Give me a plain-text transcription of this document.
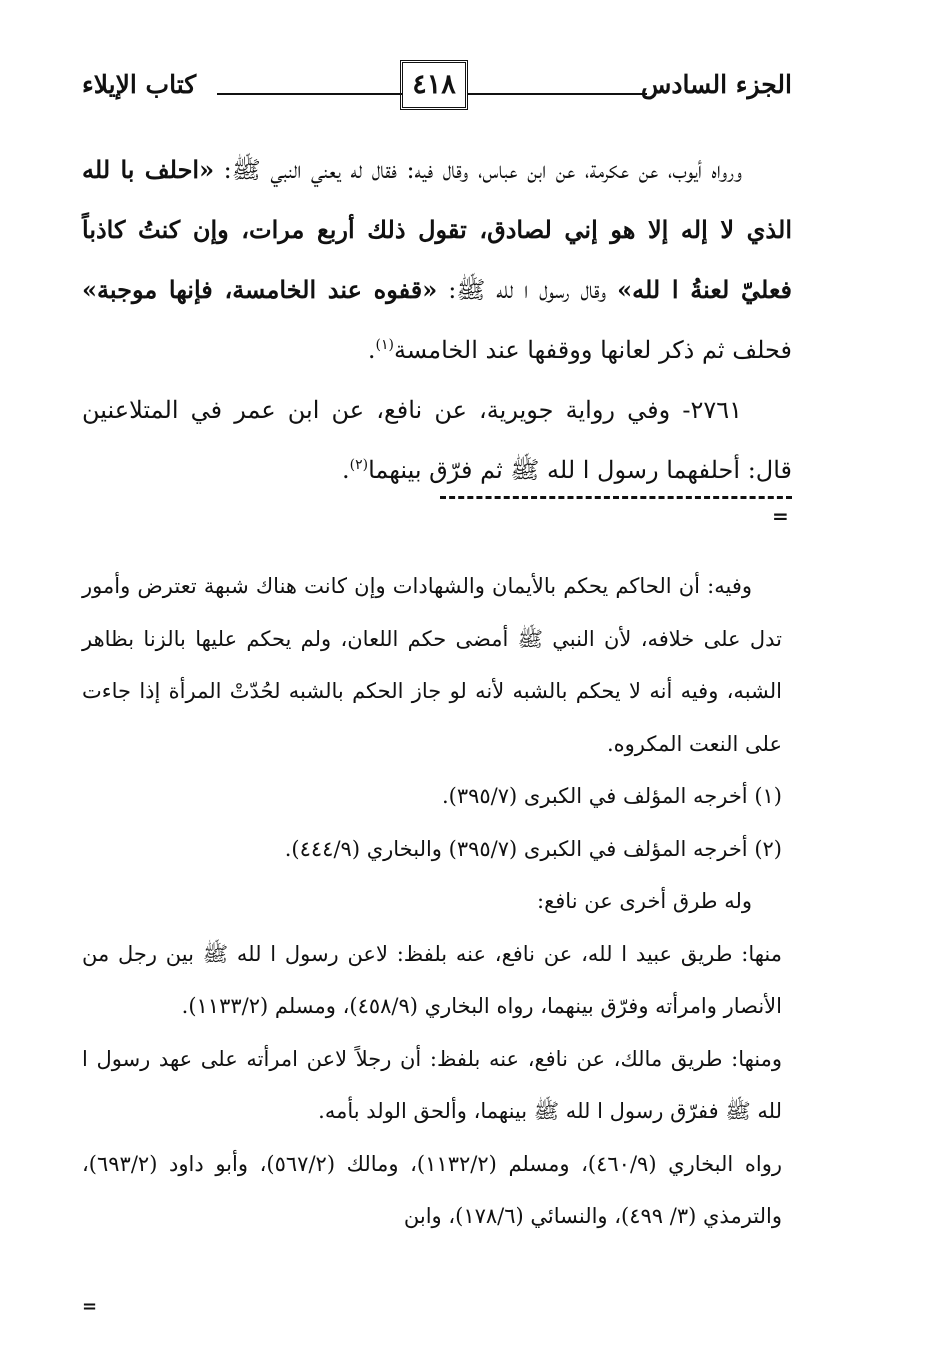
الجزء السادس
٤١٨
كتاب الإيلاء

ورواه أيوب، عن عكرمة، عن ابن عباس، وقال فيه: فقال له يعني النبي ﷺ: «احلف با لله الذي لا إله إلا هو إني لصادق، تقول ذلك أربع مرات، وإن كنتُ كاذباً فعليّ لعنةُ ا لله» وقال رسول ا لله ﷺ: «قفوه عند الخامسة، فإنها موجبة» فحلف ثم ذكر لعانها ووقفها عند الخامسة$^{(١)}$.

٢٧٦١- وفي رواية جويرية، عن نافع، عن ابن عمر في المتلاعنين قال: أحلفهما رسول ا لله ﷺ ثم فرّق بينهما$^{(٢)}$.

=

وفيه: أن الحاكم يحكم بالأيمان والشهادات وإن كانت هناك شبهة تعترض وأمور تدل على خلافه، لأن النبي ﷺ أمضى حكم اللعان، ولم يحكم عليها بالزنا بظاهر الشبه، وفيه أنه لا يحكم بالشبه لأنه لو جاز الحكم بالشبه لحُدّتْ المرأة إذا جاءت على النعت المكروه.

(١) أخرجه المؤلف في الكبرى (٣٩٥/٧).

(٢) أخرجه المؤلف في الكبرى (٣٩٥/٧) والبخاري (٤٤٤/٩).

وله طرق أخرى عن نافع:

منها: طريق عبيد ا لله، عن نافع، عنه بلفظ: لاعن رسول ا لله ﷺ بين رجل من الأنصار وامرأته وفرّق بينهما، رواه البخاري (٤٥٨/٩)، ومسلم (١١٣٣/٢).

ومنها: طريق مالك، عن نافع، عنه بلفظ: أن رجلاً لاعن امرأته على عهد رسول ا لله ﷺ ففرّق رسول ا لله ﷺ بينهما، وألحق الولد بأمه.

رواه البخاري (٤٦٠/٩)، ومسلم (١١٣٢/٢)، ومالك (٥٦٧/٢)، وأبو داود (٦٩٣/٢)، والترمذي (٣/ ٤٩٩)، والنسائي (١٧٨/٦)، وابن

=
